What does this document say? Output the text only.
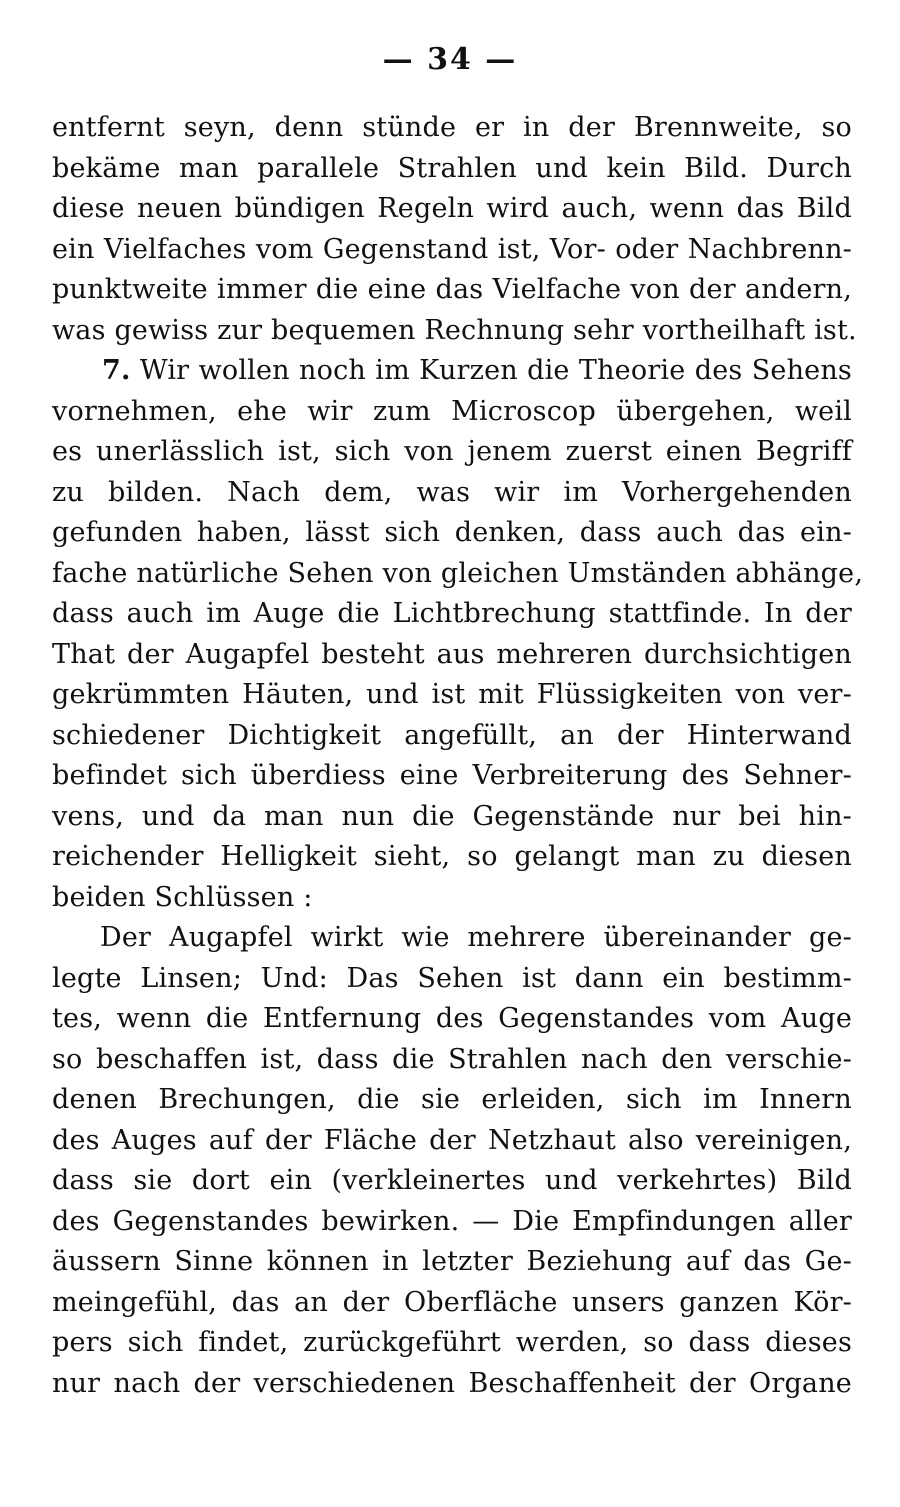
— 34 —
entfernt seyn, denn stünde er in der Brennweite, so
bekäme man parallele Strahlen und kein Bild. Durch
diese neuen bündigen Regeln wird auch, wenn das Bild
ein Vielfaches vom Gegenstand ist, Vor- oder Nachbrenn-
punktweite immer die eine das Vielfache von der andern,
was gewiss zur bequemen Rechnung sehr vortheilhaft ist.
7. Wir wollen noch im Kurzen die Theorie des Sehens
vornehmen, ehe wir zum Microscop übergehen, weil
es unerlässlich ist, sich von jenem zuerst einen Begriff
zu bilden. Nach dem, was wir im Vorhergehenden
gefunden haben, lässt sich denken, dass auch das ein-
fache natürliche Sehen von gleichen Umständen abhänge,
dass auch im Auge die Lichtbrechung stattfinde. In der
That der Augapfel besteht aus mehreren durchsichtigen
gekrümmten Häuten, und ist mit Flüssigkeiten von ver-
schiedener Dichtigkeit angefüllt, an der Hinterwand
befindet sich überdiess eine Verbreiterung des Sehner-
vens, und da man nun die Gegenstände nur bei hin-
reichender Helligkeit sieht, so gelangt man zu diesen
beiden Schlüssen :
Der Augapfel wirkt wie mehrere übereinander ge-
legte Linsen; Und: Das Sehen ist dann ein bestimm-
tes, wenn die Entfernung des Gegenstandes vom Auge
so beschaffen ist, dass die Strahlen nach den verschie-
denen Brechungen, die sie erleiden, sich im Innern
des Auges auf der Fläche der Netzhaut also vereinigen,
dass sie dort ein (verkleinertes und verkehrtes) Bild
des Gegenstandes bewirken. — Die Empfindungen aller
äussern Sinne können in letzter Beziehung auf das Ge-
meingefühl, das an der Oberfläche unsers ganzen Kör-
pers sich findet, zurückgeführt werden, so dass dieses
nur nach der verschiedenen Beschaffenheit der Organe
